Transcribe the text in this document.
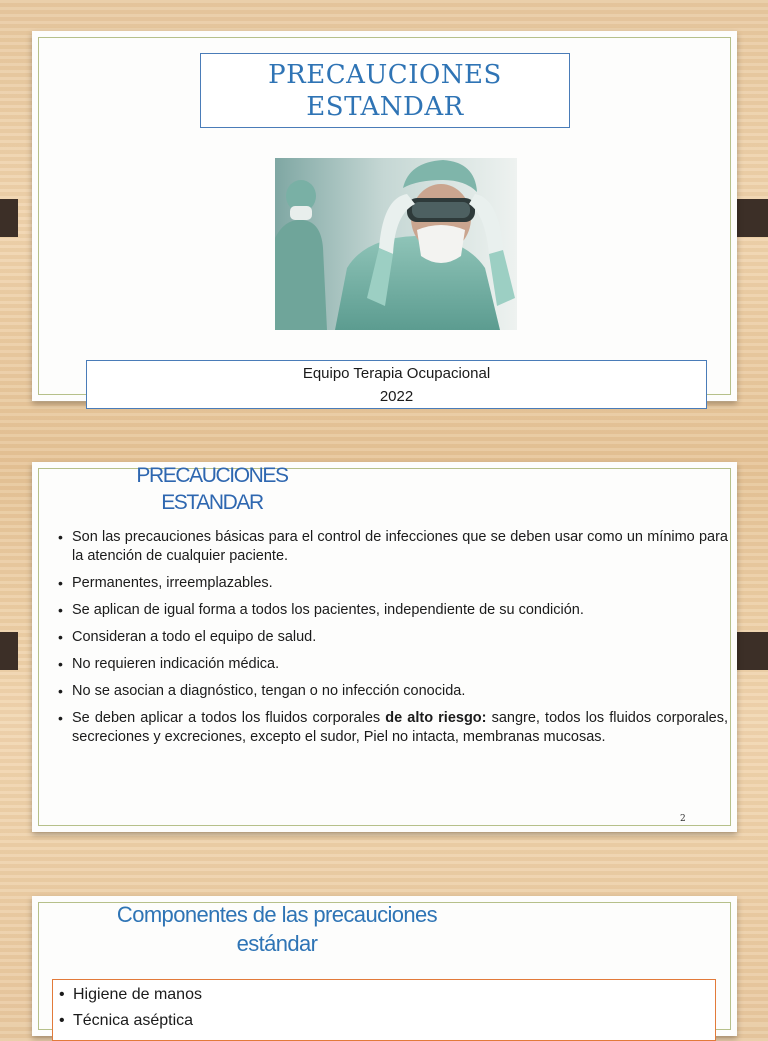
PRECAUCIONES
ESTANDAR
Equipo Terapia Ocupacional
2022
PRECAUCIONES
ESTANDAR
• Son las precauciones básicas para el control de infecciones que se deben usar como un mínimo para la atención de cualquier paciente.
• Permanentes, irreemplazables.
• Se aplican de igual forma a todos los pacientes, independiente de su condición.
• Consideran a todo el equipo de salud.
• No requieren indicación médica.
• No se asocian a diagnóstico, tengan o no infección conocida.
• Se deben aplicar a todos los fluidos corporales de alto riesgo: sangre, todos los fluidos corporales, secreciones y excreciones, excepto el sudor, Piel no intacta, membranas mucosas.
2
Componentes de las precauciones
estándar
• Higiene de manos
• Técnica aséptica
